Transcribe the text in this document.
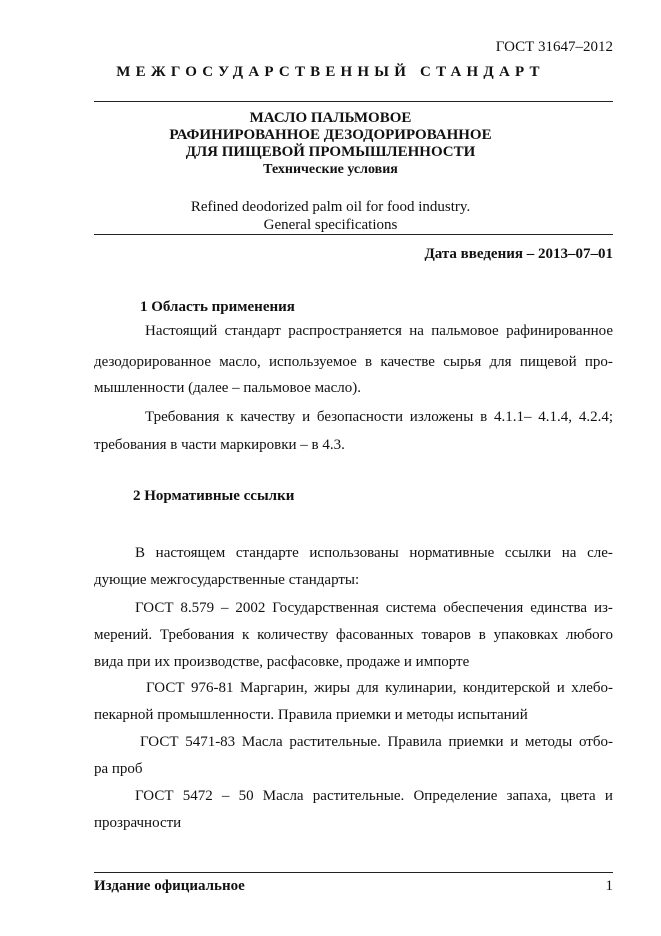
ГОСТ 31647–2012
МЕЖГОСУДАРСТВЕННЫЙ СТАНДАРТ
МАСЛО ПАЛЬМОВОЕ
РАФИНИРОВАННОЕ ДЕЗОДОРИРОВАННОЕ
ДЛЯ ПИЩЕВОЙ ПРОМЫШЛЕННОСТИ
Технические условия
Refined deodorized palm oil for food industry.
General specifications
Дата введения – 2013–07–01
1 Область применения
Настоящий стандарт распространяется на пальмовое рафинированное
дезодорированное масло, используемое в качестве сырья для пищевой про-
мышленности (далее – пальмовое масло).
Требования к качеству и безопасности изложены в 4.1.1– 4.1.4, 4.2.4;
требования в части маркировки – в 4.3.
2 Нормативные ссылки
В настоящем стандарте использованы нормативные ссылки на сле-
дующие межгосударственные стандарты:
ГОСТ 8.579 – 2002 Государственная система обеспечения единства из-
мерений. Требования к количеству фасованных товаров в упаковках любого
вида при их производстве, расфасовке, продаже и импорте
ГОСТ 976-81 Маргарин, жиры для кулинарии, кондитерской и хлебо-
пекарной промышленности. Правила приемки и методы испытаний
ГОСТ 5471-83 Масла растительные. Правила приемки и методы отбо-
ра проб
ГОСТ 5472 – 50 Масла растительные. Определение запаха, цвета и
прозрачности
Издание официальное	1
